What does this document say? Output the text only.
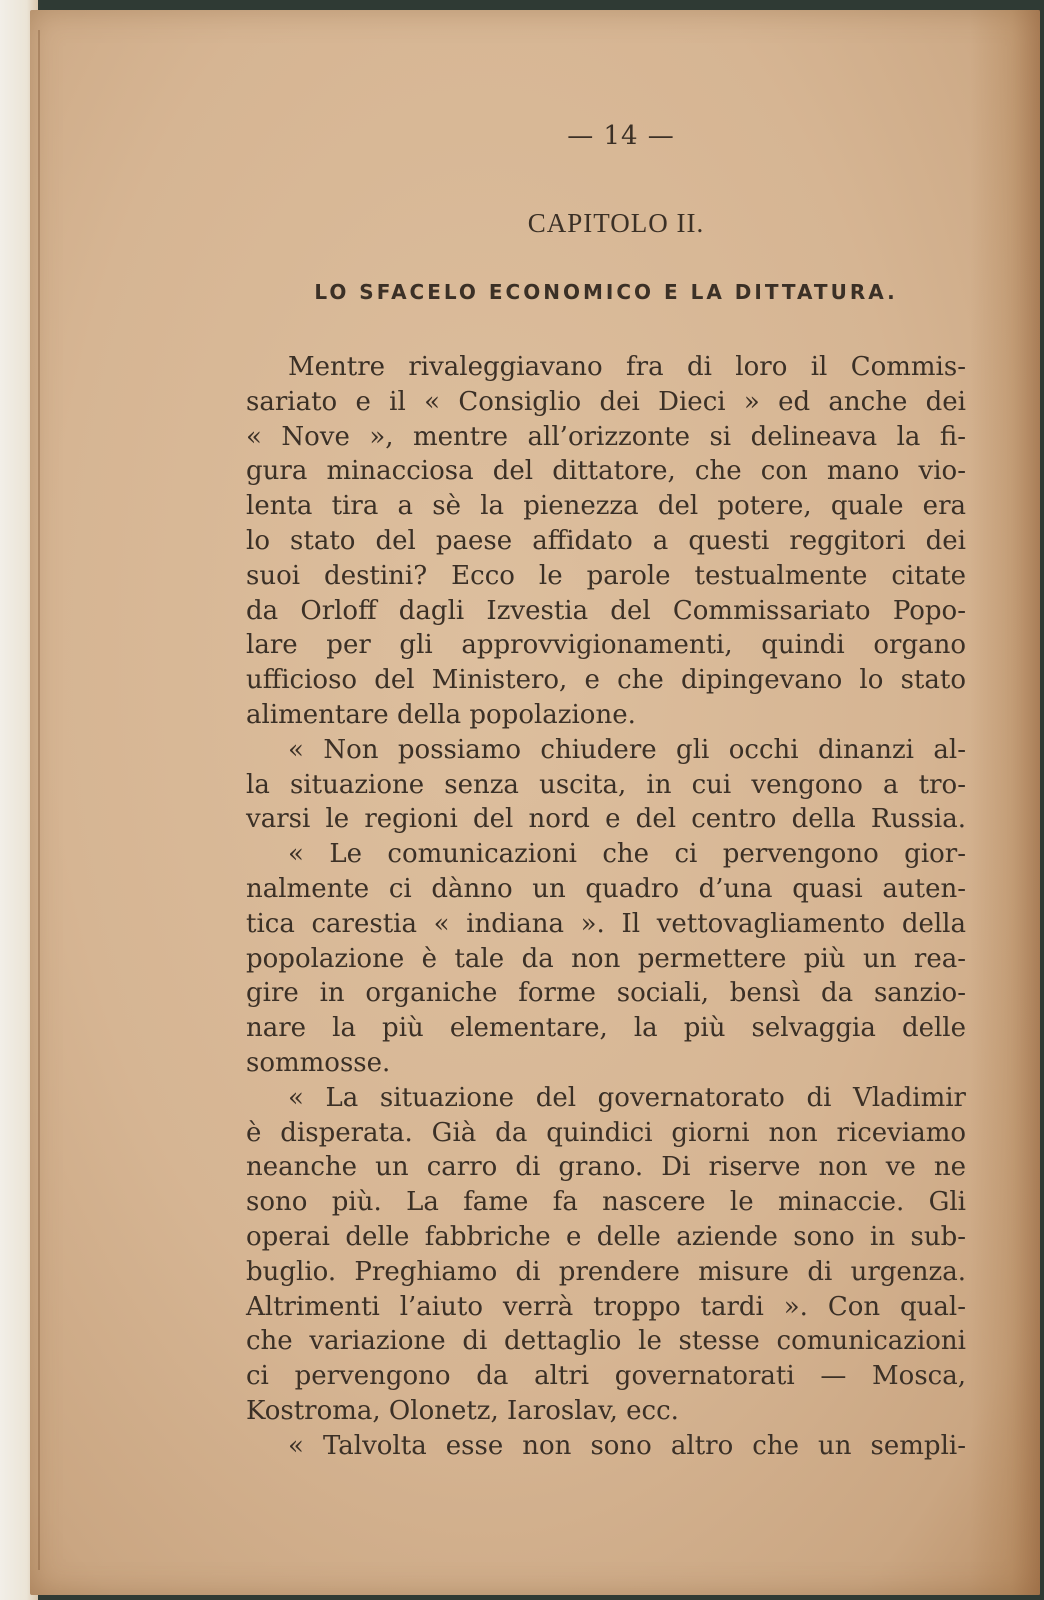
— 14 —
CAPITOLO II.
LO SFACELO ECONOMICO E LA DITTATURA.
Mentre rivaleggiavano fra di loro il Commis-
sariato e il « Consiglio dei Dieci » ed anche dei
« Nove », mentre all’orizzonte si delineava la fi-
gura minacciosa del dittatore, che con mano vio-
lenta tira a sè la pienezza del potere, quale era
lo stato del paese affidato a questi reggitori dei
suoi destini? Ecco le parole testualmente citate
da Orloff dagli Izvestia del Commissariato Popo-
lare per gli approvvigionamenti, quindi organo
ufficioso del Ministero, e che dipingevano lo stato
alimentare della popolazione.
« Non possiamo chiudere gli occhi dinanzi al-
la situazione senza uscita, in cui vengono a tro-
varsi le regioni del nord e del centro della Russia.
« Le comunicazioni che ci pervengono gior-
nalmente ci dànno un quadro d’una quasi auten-
tica carestia « indiana ». Il vettovagliamento della
popolazione è tale da non permettere più un rea-
gire in organiche forme sociali, bensì da sanzio-
nare la più elementare, la più selvaggia delle
sommosse.
« La situazione del governatorato di Vladimir
è disperata. Già da quindici giorni non riceviamo
neanche un carro di grano. Di riserve non ve ne
sono più. La fame fa nascere le minaccie. Gli
operai delle fabbriche e delle aziende sono in sub-
buglio. Preghiamo di prendere misure di urgenza.
Altrimenti l’aiuto verrà troppo tardi ». Con qual-
che variazione di dettaglio le stesse comunicazioni
ci pervengono da altri governatorati — Mosca,
Kostroma, Olonetz, Iaroslav, ecc.
« Talvolta esse non sono altro che un sempli-
